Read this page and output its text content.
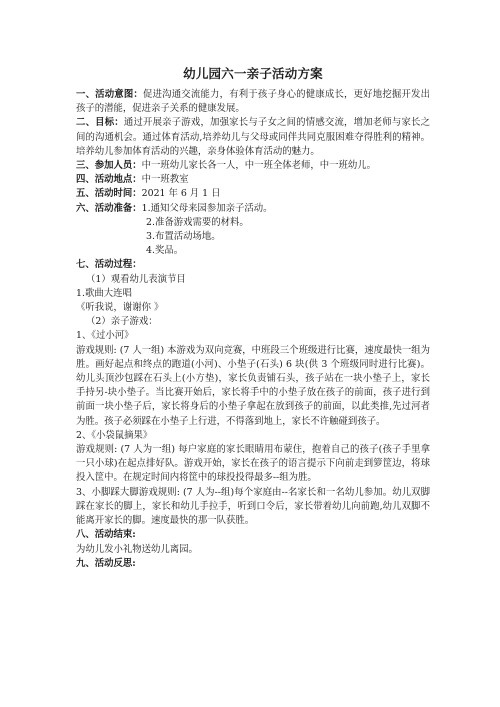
幼儿园六一亲子活动方案

一、活动意图：促进沟通交流能力，有利于孩子身心的健康成长，更好地挖掘开发出孩子的潜能，促进亲子关系的健康发展。

二、目标：通过开展亲子游戏，加强家长与子女之间的情感交流，增加老师与家长之间的沟通机会。通过体育活动,培养幼儿与父母或同伴共同克服困难夺得胜利的精神。培养幼儿参加体育活动的兴趣，亲身体验体育活动的魅力。

三、参加人员：中一班幼儿家长各一人，中一班全体老师，中一班幼儿。

四、活动地点：中一班教室

五、活动时间：2021 年 6 月 1 日

六、活动准备：1.通知父母来园参加亲子活动。

2.准备游戏需要的材料。

3.布置活动场地。

4.奖品。

七、活动过程：

（1）观看幼儿表演节目

1.歌曲大连唱

《听我说，谢谢你 》

（2）亲子游戏：

1、《过小河》

游戏规则: (7 人一组) 本游戏为双向竞赛，中班段三个班级进行比赛，速度最快一组为胜。画好起点和终点的跑道(小河)、小垫子(石头) 6 块(供 3 个班级同时进行比赛)。幼儿头顶沙包踩在石头上(小方垫)，家长负责铺石头，孩子站在一块小垫子上，家长手持另-块小垫子。当比赛开始后，家长将手中的小垫子放在孩子的前面，孩子进行到前面一块小垫子后，家长将身后的小垫子拿起在放到孩子的前面，以此类推,先过河者为胜。孩子必须踩在小垫子上行进，不得落到地上，家长不许触碰到孩子。

2、《小袋鼠摘果》

游戏规则: (7 人为一组) 每户家庭的家长眼睛用布蒙住，抱着自己的孩子(孩子手里拿一只小球)在起点排好队。游戏开始，家长在孩子的语言提示下向前走到箩筐边，将球投入筐中。在规定时间内将筐中的球投投得最多--组为胜。

3、小脚踩大脚游戏规则: (7 人为--组)每个家庭由--名家长和一名幼儿参加。幼儿双脚踩在家长的脚上，家长和幼儿手拉手，听到口令后，家长带着幼儿向前跑,幼儿双脚不能离开家长的脚。速度最快的那一队获胜。

八、活动结束:

为幼儿发小礼物送幼儿离园。

九、活动反思:
